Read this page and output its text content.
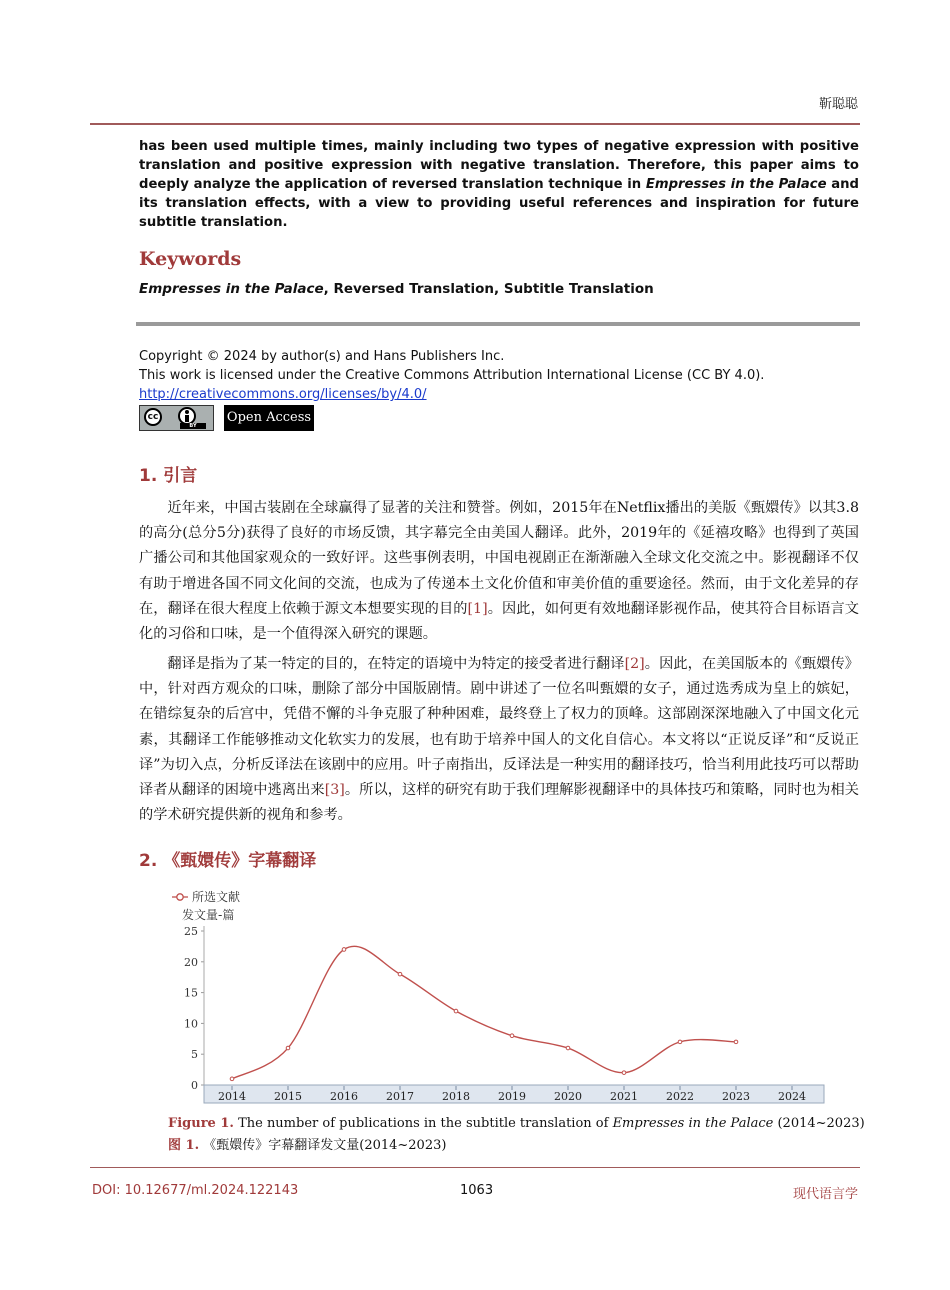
靳聪聪
has been used multiple times, mainly including two types of negative expression with positive translation and positive expression with negative translation. Therefore, this paper aims to deeply analyze the application of reversed translation technique in Empresses in the Palace and its translation effects, with a view to providing useful references and inspiration for future subtitle translation.
Keywords
Empresses in the Palace, Reversed Translation, Subtitle Translation
Copyright © 2024 by author(s) and Hans Publishers Inc.
This work is licensed under the Creative Commons Attribution International License (CC BY 4.0).
http://creativecommons.org/licenses/by/4.0/
cc
BY
Open Access
1. 引言
近年来，中国古装剧在全球赢得了显著的关注和赞誉。例如，2015年在Netflix播出的美版《甄嬛传》以其3.8的高分(总分5分)获得了良好的市场反馈，其字幕完全由美国人翻译。此外，2019年的《延禧攻略》也得到了英国广播公司和其他国家观众的一致好评。这些事例表明，中国电视剧正在渐渐融入全球文化交流之中。影视翻译不仅有助于增进各国不同文化间的交流，也成为了传递本土文化价值和审美价值的重要途径。然而，由于文化差异的存在，翻译在很大程度上依赖于源文本想要实现的目的[1]。因此，如何更有效地翻译影视作品，使其符合目标语言文化的习俗和口味，是一个值得深入研究的课题。
翻译是指为了某一特定的目的，在特定的语境中为特定的接受者进行翻译[2]。因此，在美国版本的《甄嬛传》中，针对西方观众的口味，删除了部分中国版剧情。剧中讲述了一位名叫甄嬛的女子，通过选秀成为皇上的嫔妃，在错综复杂的后宫中，凭借不懈的斗争克服了种种困难，最终登上了权力的顶峰。这部剧深深地融入了中国文化元素，其翻译工作能够推动文化软实力的发展，也有助于培养中国人的文化自信心。本文将以“正说反译”和“反说正译”为切入点，分析反译法在该剧中的应用。叶子南指出，反译法是一种实用的翻译技巧，恰当利用此技巧可以帮助译者从翻译的困境中逃离出来[3]。所以，这样的研究有助于我们理解影视翻译中的具体技巧和策略，同时也为相关的学术研究提供新的视角和参考。
2. 《甄嬛传》字幕翻译
所选文献
发文量-篇
0
5
10
15
20
25
2014	2015	2016	2017	2018	2019	2020	2021	2022	2023	2024
Figure 1. The number of publications in the subtitle translation of Empresses in the Palace (2014~2023)
图 1. 《甄嬛传》字幕翻译发文量(2014~2023)
DOI: 10.12677/ml.2024.122143	1063	现代语言学
